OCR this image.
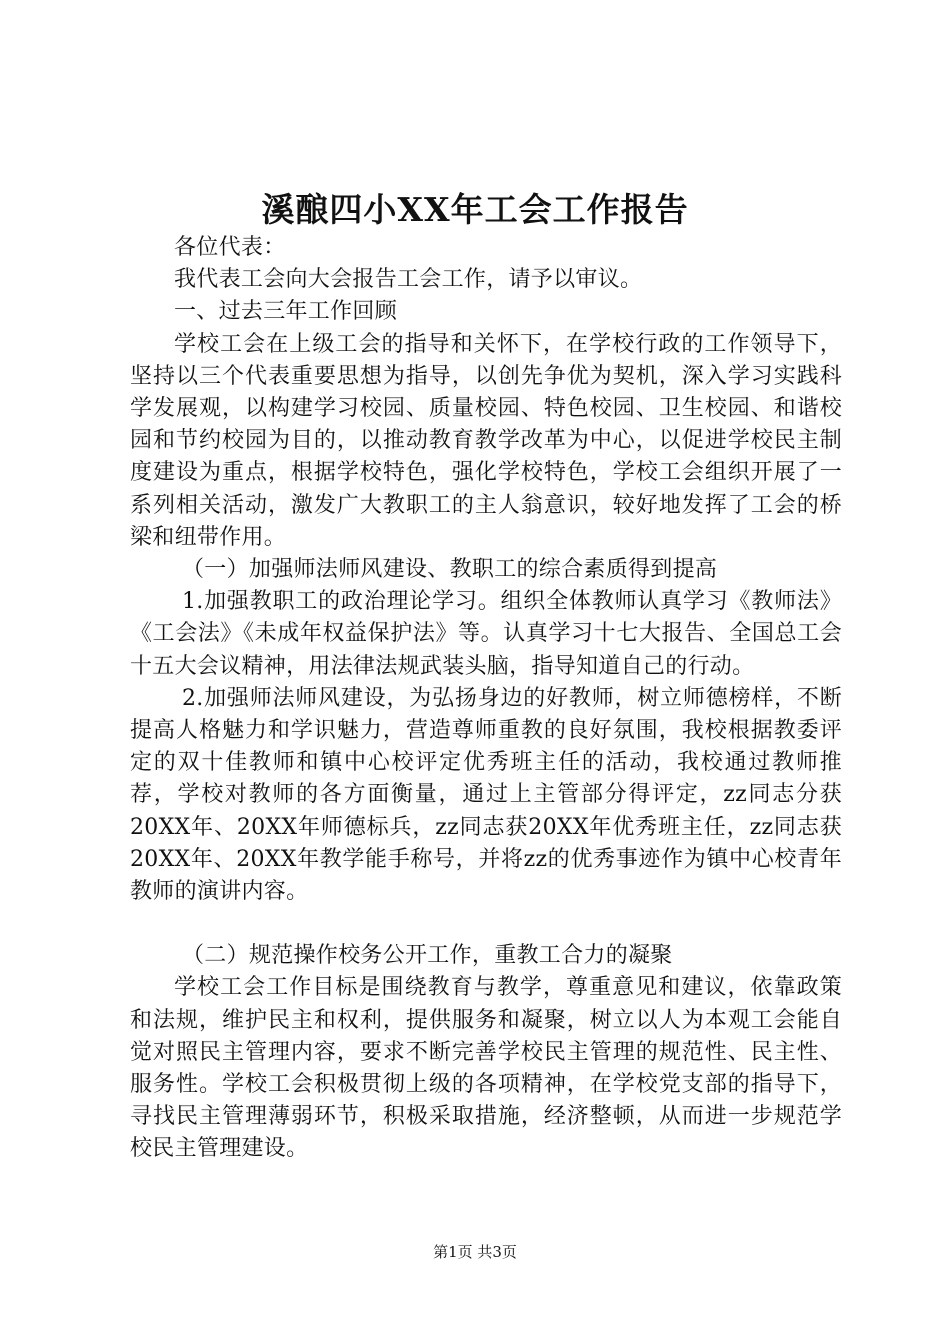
溪酿四小XX年工会工作报告

各位代表：

我代表工会向大会报告工会工作，请予以审议。

一、过去三年工作回顾

学校工会在上级工会的指导和关怀下，在学校行政的工作领导下，坚持以三个代表重要思想为指导，以创先争优为契机，深入学习实践科学发展观，以构建学习校园、质量校园、特色校园、卫生校园、和谐校园和节约校园为目的，以推动教育教学改革为中心，以促进学校民主制度建设为重点，根据学校特色，强化学校特色，学校工会组织开展了一系列相关活动，激发广大教职工的主人翁意识，较好地发挥了工会的桥梁和纽带作用。

（一）加强师法师风建设、教职工的综合素质得到提高

1.加强教职工的政治理论学习。组织全体教师认真学习《教师法》《工会法》《未成年权益保护法》等。认真学习十七大报告、全国总工会十五大会议精神，用法律法规武装头脑，指导知道自己的行动。

2.加强师法师风建设，为弘扬身边的好教师，树立师德榜样，不断提高人格魅力和学识魅力，营造尊师重教的良好氛围，我校根据教委评定的双十佳教师和镇中心校评定优秀班主任的活动，我校通过教师推荐，学校对教师的各方面衡量，通过上主管部分得评定，zz同志分获20XX年、20XX年师德标兵，zz同志获20XX年优秀班主任，zz同志获20XX年、20XX年教学能手称号，并将zz的优秀事迹作为镇中心校青年教师的演讲内容。

（二）规范操作校务公开工作，重教工合力的凝聚

学校工会工作目标是围绕教育与教学，尊重意见和建议，依靠政策和法规，维护民主和权利，提供服务和凝聚，树立以人为本观工会能自觉对照民主管理内容，要求不断完善学校民主管理的规范性、民主性、服务性。学校工会积极贯彻上级的各项精神，在学校党支部的指导下，寻找民主管理薄弱环节，积极采取措施，经济整顿，从而进一步规范学校民主管理建设。

第1页 共3页
